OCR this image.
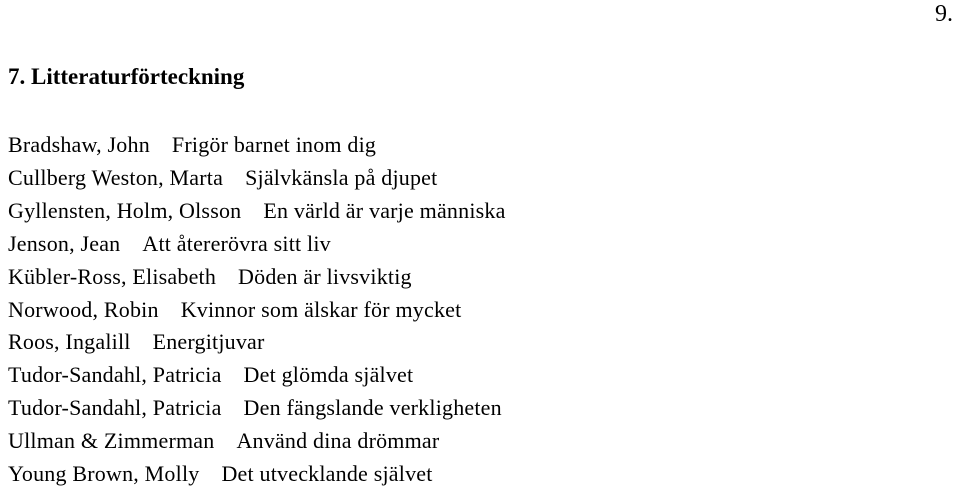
9.
7. Litteraturförteckning
Bradshaw, John Frigör barnet inom dig
Cullberg Weston, Marta Självkänsla på djupet
Gyllensten, Holm, Olsson En värld är varje människa
Jenson, Jean Att återerövra sitt liv
Kübler-Ross, Elisabeth Döden är livsviktig
Norwood, Robin Kvinnor som älskar för mycket
Roos, Ingalill Energitjuvar
Tudor-Sandahl, Patricia Det glömda självet
Tudor-Sandahl, Patricia Den fängslande verkligheten
Ullman & Zimmerman Använd dina drömmar
Young Brown, Molly Det utvecklande självet
